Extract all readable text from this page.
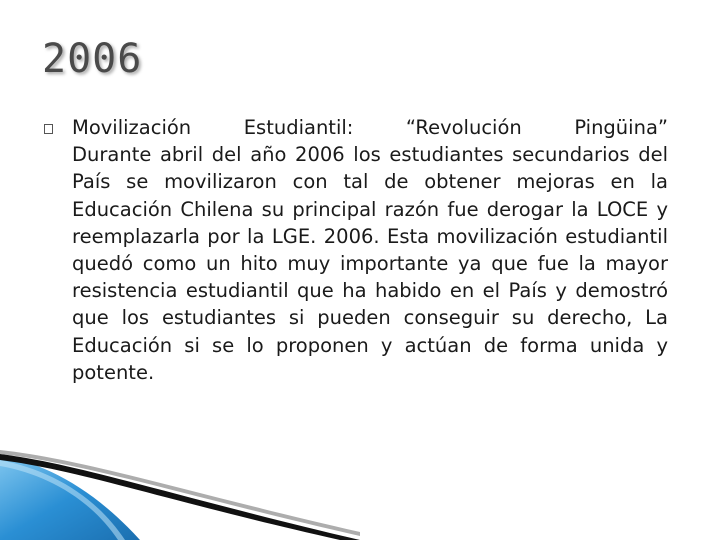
2006
Movilización Estudiantil: “Revolución Pingüina”
Durante abril del año 2006 los estudiantes secundarios del País se movilizaron con tal de obtener mejoras en la Educación Chilena su principal razón fue derogar la LOCE y reemplazarla por la LGE. 2006. Esta movilización estudiantil quedó como un hito muy importante ya que fue la mayor resistencia estudiantil que ha habido en el País y demostró que los estudiantes si pueden conseguir su derecho, La Educación si se lo proponen y actúan de forma unida y potente.
